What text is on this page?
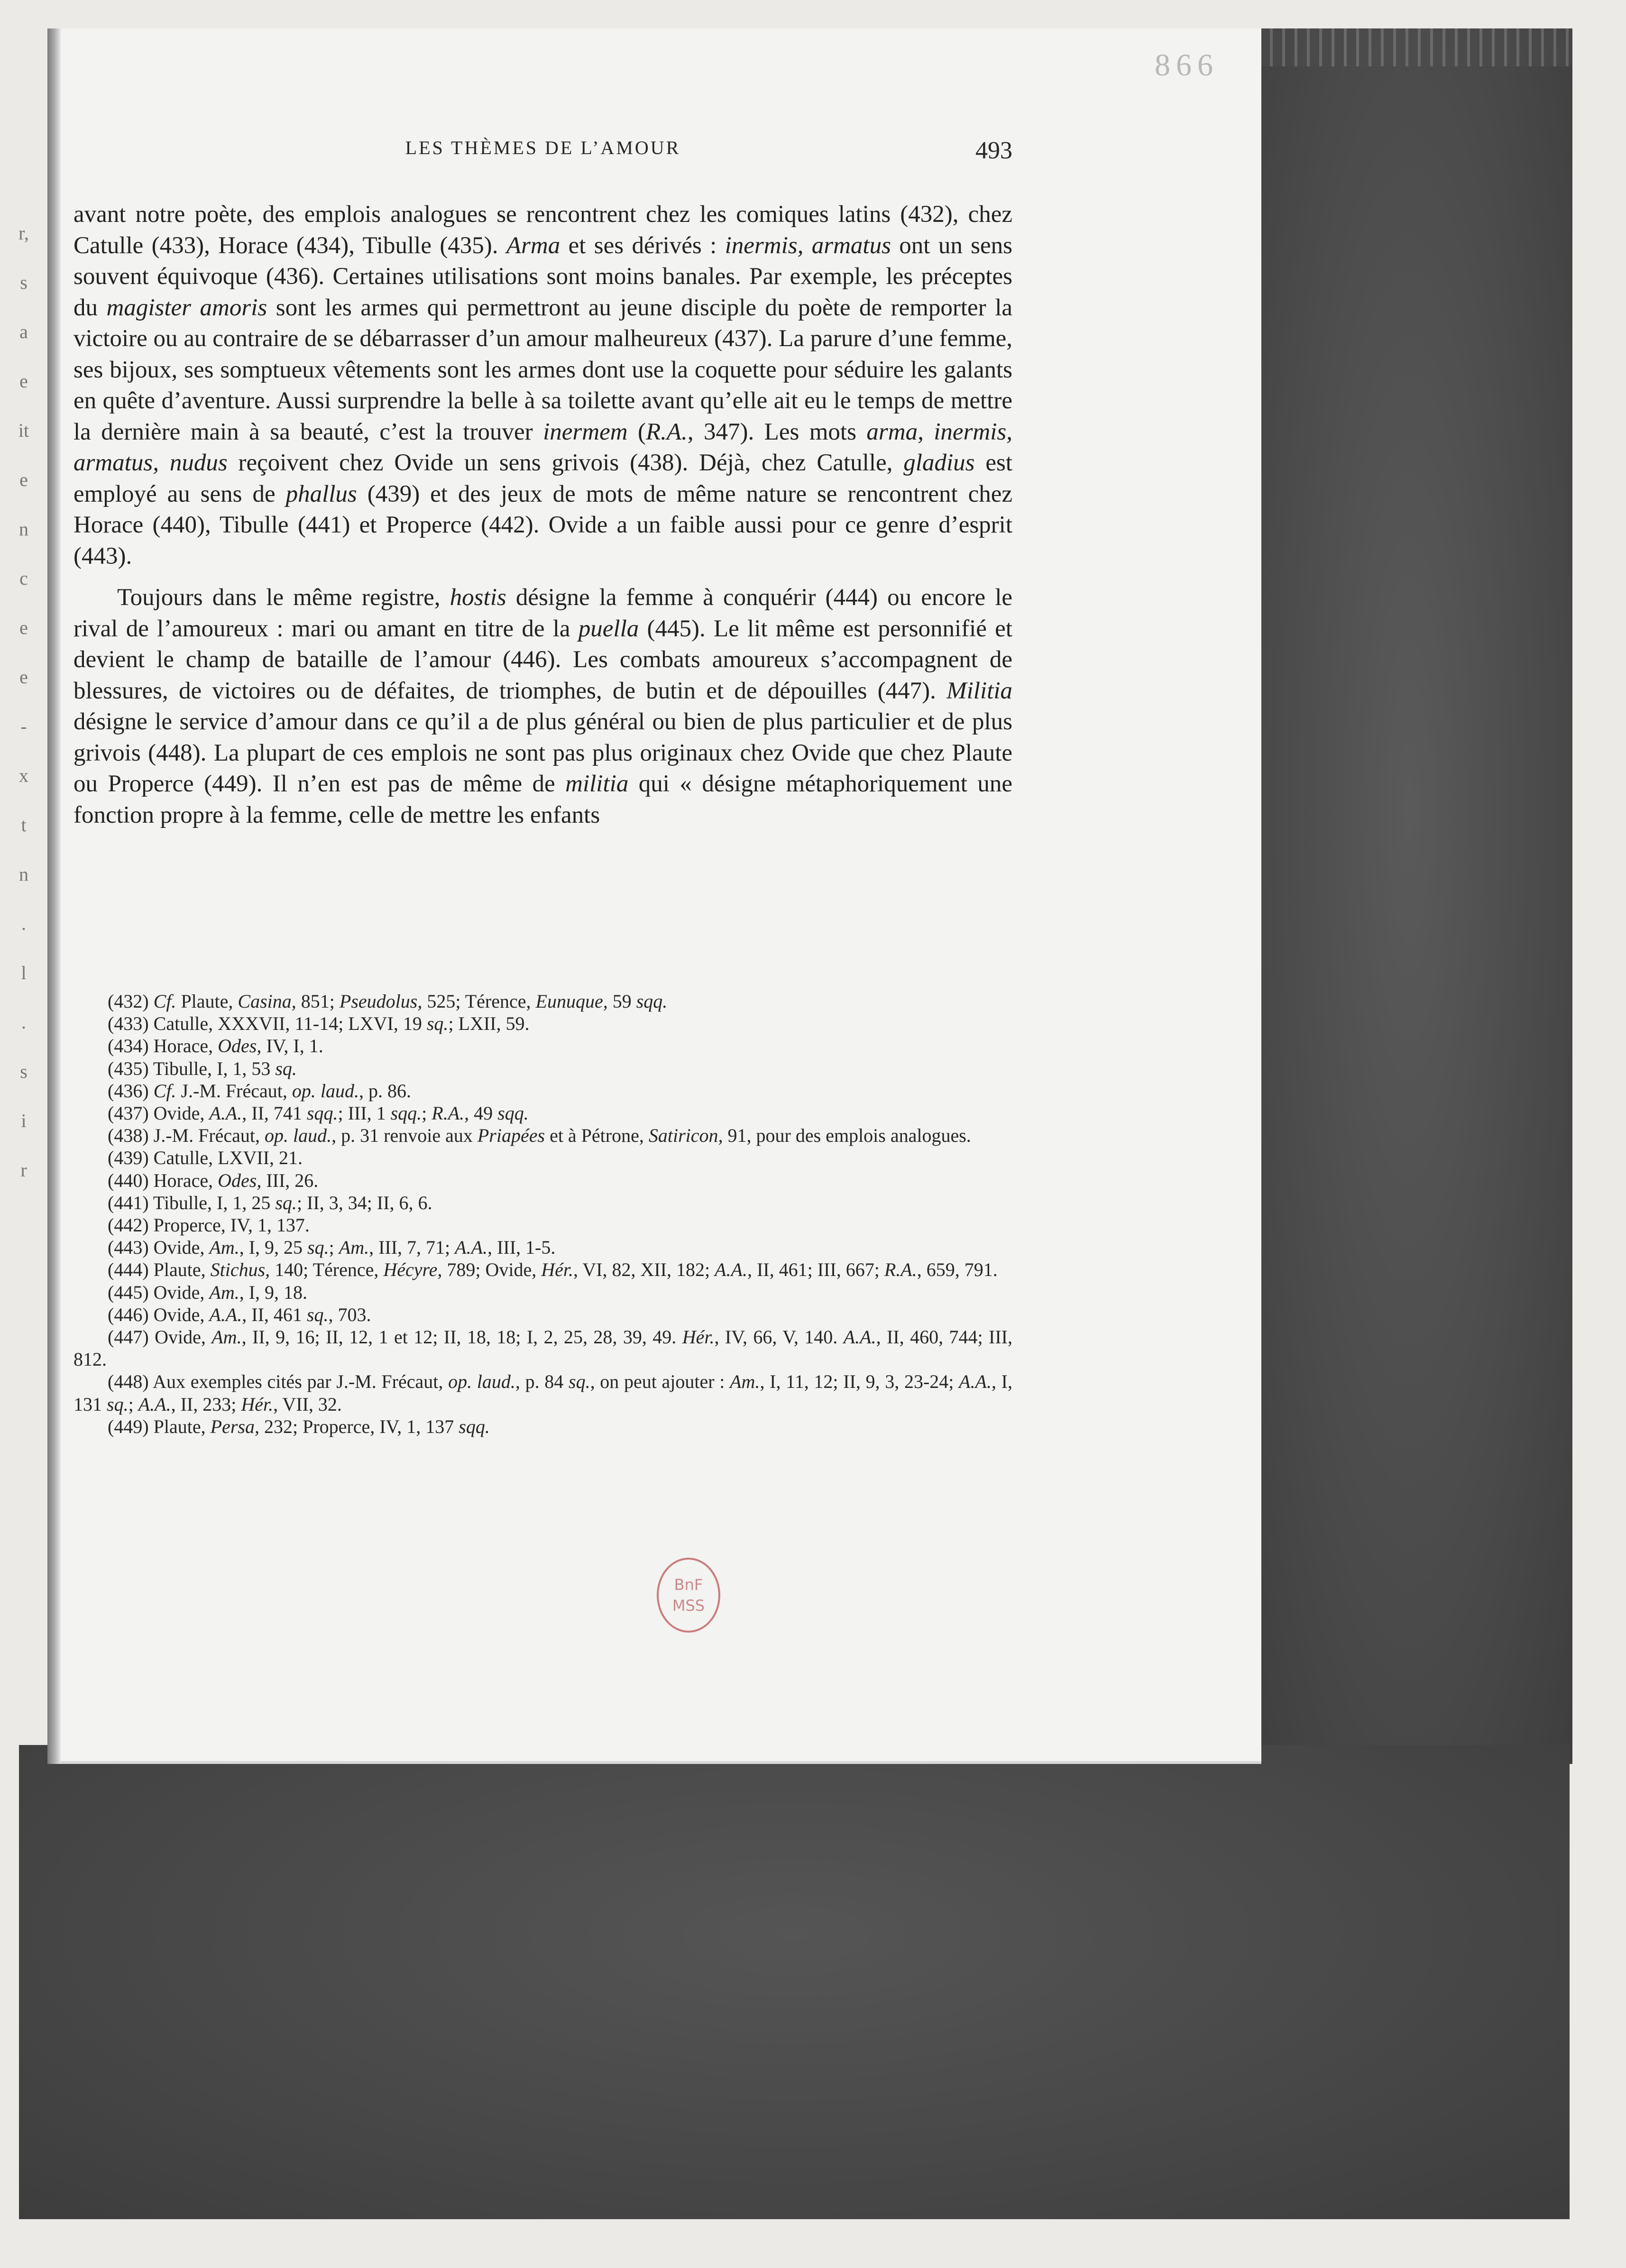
r,
s
a
e
it
e
n
c
e
e
-
x
t
n
.
l
.
s
i
r
866
LES THÈMES DE L’AMOUR	493

avant notre poète, des emplois analogues se rencontrent chez les comiques latins (432), chez Catulle (433), Horace (434), Tibulle (435). Arma et ses dérivés : inermis, armatus ont un sens souvent équivoque (436). Certaines utilisations sont moins banales. Par exemple, les préceptes du magister amoris sont les armes qui permettront au jeune disciple du poète de remporter la victoire ou au contraire de se débarrasser d’un amour malheureux (437). La parure d’une femme, ses bijoux, ses somptueux vêtements sont les armes dont use la coquette pour séduire les galants en quête d’aventure. Aussi surprendre la belle à sa toilette avant qu’elle ait eu le temps de mettre la dernière main à sa beauté, c’est la trouver inermem (R.A., 347). Les mots arma, inermis, armatus, nudus reçoivent chez Ovide un sens grivois (438). Déjà, chez Catulle, gladius est employé au sens de phallus (439) et des jeux de mots de même nature se rencontrent chez Horace (440), Tibulle (441) et Properce (442). Ovide a un faible aussi pour ce genre d’esprit (443).

Toujours dans le même registre, hostis désigne la femme à conquérir (444) ou encore le rival de l’amoureux : mari ou amant en titre de la puella (445). Le lit même est personnifié et devient le champ de bataille de l’amour (446). Les combats amoureux s’accompagnent de blessures, de victoires ou de défaites, de triomphes, de butin et de dépouilles (447). Militia désigne le service d’amour dans ce qu’il a de plus général ou bien de plus particulier et de plus grivois (448). La plupart de ces emplois ne sont pas plus originaux chez Ovide que chez Plaute ou Properce (449). Il n’en est pas de même de militia qui « désigne métaphoriquement une fonction propre à la femme, celle de mettre les enfants

(432) Cf. Plaute, Casina, 851; Pseudolus, 525; Térence, Eunuque, 59 sqq.

(433) Catulle, XXXVII, 11-14; LXVI, 19 sq.; LXII, 59.

(434) Horace, Odes, IV, I, 1.

(435) Tibulle, I, 1, 53 sq.

(436) Cf. J.-M. Frécaut, op. laud., p. 86.

(437) Ovide, A.A., II, 741 sqq.; III, 1 sqq.; R.A., 49 sqq.

(438) J.-M. Frécaut, op. laud., p. 31 renvoie aux Priapées et à Pétrone, Satiricon, 91, pour des emplois analogues.

(439) Catulle, LXVII, 21.

(440) Horace, Odes, III, 26.

(441) Tibulle, I, 1, 25 sq.; II, 3, 34; II, 6, 6.

(442) Properce, IV, 1, 137.

(443) Ovide, Am., I, 9, 25 sq.; Am., III, 7, 71; A.A., III, 1-5.

(444) Plaute, Stichus, 140; Térence, Hécyre, 789; Ovide, Hér., VI, 82, XII, 182; A.A., II, 461; III, 667; R.A., 659, 791.

(445) Ovide, Am., I, 9, 18.

(446) Ovide, A.A., II, 461 sq., 703.

(447) Ovide, Am., II, 9, 16; II, 12, 1 et 12; II, 18, 18; I, 2, 25, 28, 39, 49. Hér., IV, 66, V, 140. A.A., II, 460, 744; III, 812.

(448) Aux exemples cités par J.-M. Frécaut, op. laud., p. 84 sq., on peut ajouter : Am., I, 11, 12; II, 9, 3, 23-24; A.A., I, 131 sq.; A.A., II, 233; Hér., VII, 32.

(449) Plaute, Persa, 232; Properce, IV, 1, 137 sqq.

BnF
MSS
